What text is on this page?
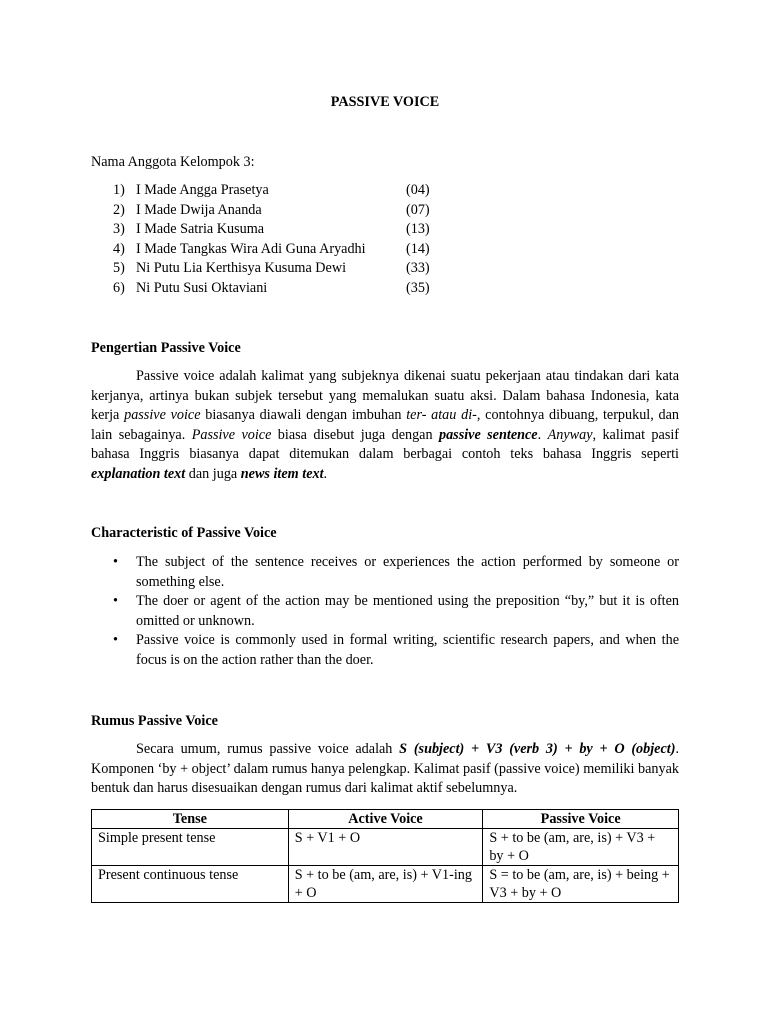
PASSIVE VOICE
Nama Anggota Kelompok 3:
1) I Made Angga Prasetya	(04)
2) I Made Dwija Ananda	(07)
3) I Made Satria Kusuma	(13)
4) I Made Tangkas Wira Adi Guna Aryadhi	(14)
5) Ni Putu Lia Kerthisya Kusuma Dewi	(33)
6) Ni Putu Susi Oktaviani	(35)
Pengertian Passive Voice

Passive voice adalah kalimat yang subjeknya dikenai suatu pekerjaan atau tindakan dari kata kerjanya, artinya bukan subjek tersebut yang memalukan suatu aksi. Dalam bahasa Indonesia, kata kerja passive voice biasanya diawali dengan imbuhan ter- atau di-, contohnya dibuang, terpukul, dan lain sebagainya. Passive voice biasa disebut juga dengan passive sentence. Anyway, kalimat pasif bahasa Inggris biasanya dapat ditemukan dalam berbagai contoh teks bahasa Inggris seperti explanation text dan juga news item text.

Characteristic of Passive Voice
• The subject of the sentence receives or experiences the action performed by someone or something else.
• The doer or agent of the action may be mentioned using the preposition “by,” but it is often omitted or unknown.
• Passive voice is commonly used in formal writing, scientific research papers, and when the focus is on the action rather than the doer.
Rumus Passive Voice

Secara umum, rumus passive voice adalah S (subject) + V3 (verb 3) + by + O (object). Komponen ‘by + object’ dalam rumus hanya pelengkap. Kalimat pasif (passive voice) memiliki banyak bentuk dan harus disesuaikan dengan rumus dari kalimat aktif sebelumnya.

Tense	Active Voice	Passive Voice
Simple present tense	S + V1 + O	S + to be (am, are, is) + V3 + by + O
Present continuous tense	S + to be (am, are, is) + V1-ing + O	S = to be (am, are, is) + being + V3 + by + O
